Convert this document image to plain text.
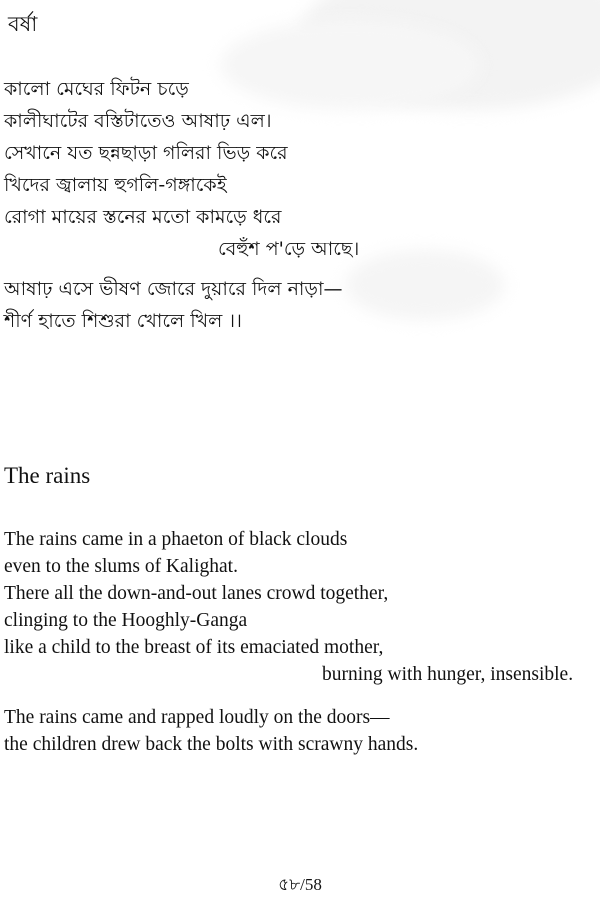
বর্ষা
কালো মেঘের ফিটন চড়ে
কালীঘাটের বস্তিটাতেও আষাঢ় এল।
সেখানে যত ছন্নছাড়া গলিরা ভিড় করে
খিদের জ্বালায় হুগলি-গঙ্গাকেই
রোগা মায়ের স্তনের মতো কামড়ে ধরে
বেহুঁশ প'ড়ে আছে।
আষাঢ় এসে ভীষণ জোরে দুয়ারে দিল নাড়া—
শীর্ণ হাতে শিশুরা খোলে খিল ।।
The rains
The rains came in a phaeton of black clouds
even to the slums of Kalighat.
There all the down-and-out lanes crowd together,
clinging to the Hooghly-Ganga
like a child to the breast of its emaciated mother,
burning with hunger, insensible.
The rains came and rapped loudly on the doors—
the children drew back the bolts with scrawny hands.
৫৮/58
